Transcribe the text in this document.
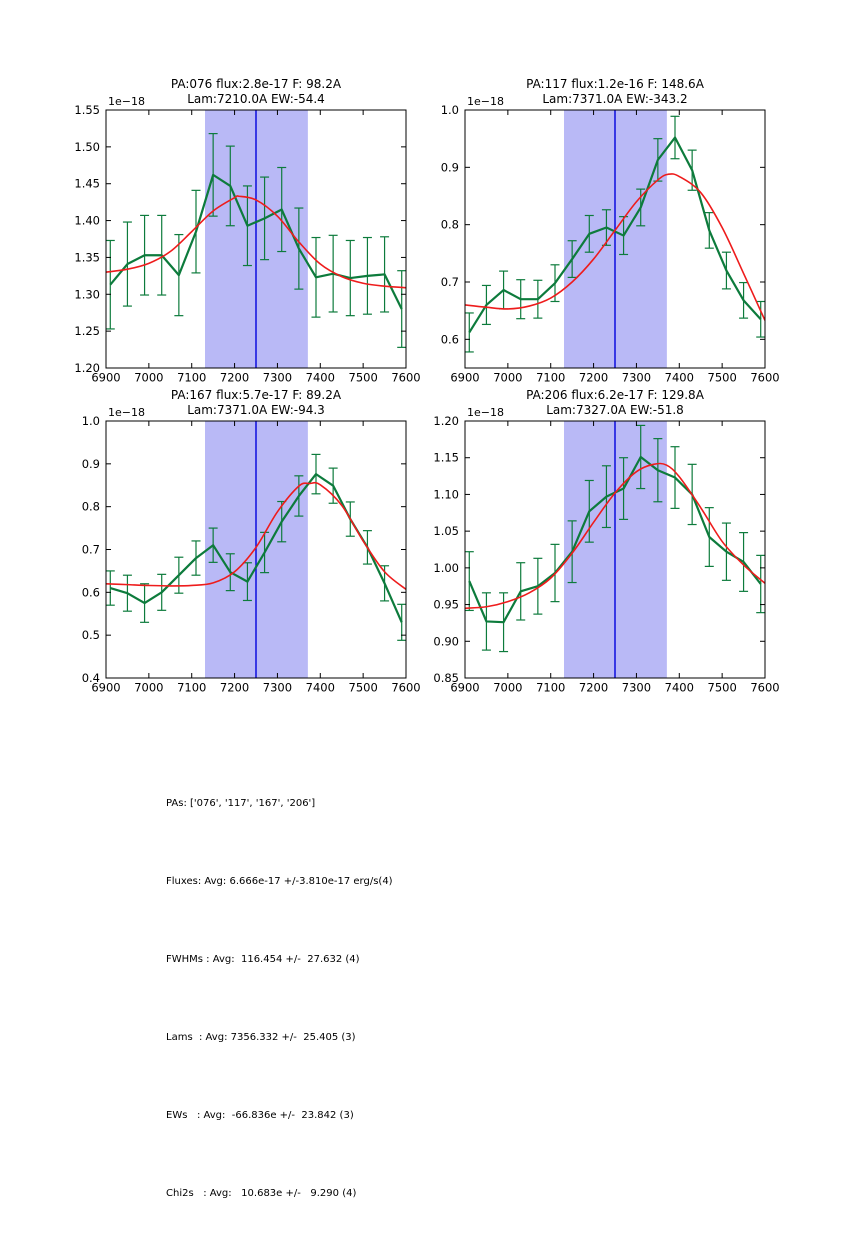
6900 7000 7100 7200 7300 7400 7500 7600
1.20
1.25
1.30
1.35
1.40
1.45
1.50
1.55
PA:076 flux:2.8e-17 F: 98.2A
Lam:7210.0A EW:-54.4
1e−18
6900 7000 7100 7200 7300 7400 7500 7600
0.6
0.7
0.8
0.9
1.0
PA:117 flux:1.2e-16 F: 148.6A
Lam:7371.0A EW:-343.2
1e−18
6900 7000 7100 7200 7300 7400 7500 7600
0.4
0.5
0.6
0.7
0.8
0.9
1.0
PA:167 flux:5.7e-17 F: 89.2A
Lam:7371.0A EW:-94.3
1e−18
6900 7000 7100 7200 7300 7400 7500 7600
0.85
0.90
0.95
1.00
1.05
1.10
1.15
1.20
PA:206 flux:6.2e-17 F: 129.8A
Lam:7327.0A EW:-51.8
1e−18

PAs: ['076', '117', '167', '206']

Fluxes: Avg: 6.666e-17 +/-3.810e-17 erg/s(4)

FWHMs : Avg:  116.454 +/-  27.632 (4)

Lams  : Avg: 7356.332 +/-  25.405 (3)

EWs   : Avg:  -66.836e +/-  23.842 (3)

Chi2s   : Avg:   10.683e +/-   9.290 (4)
